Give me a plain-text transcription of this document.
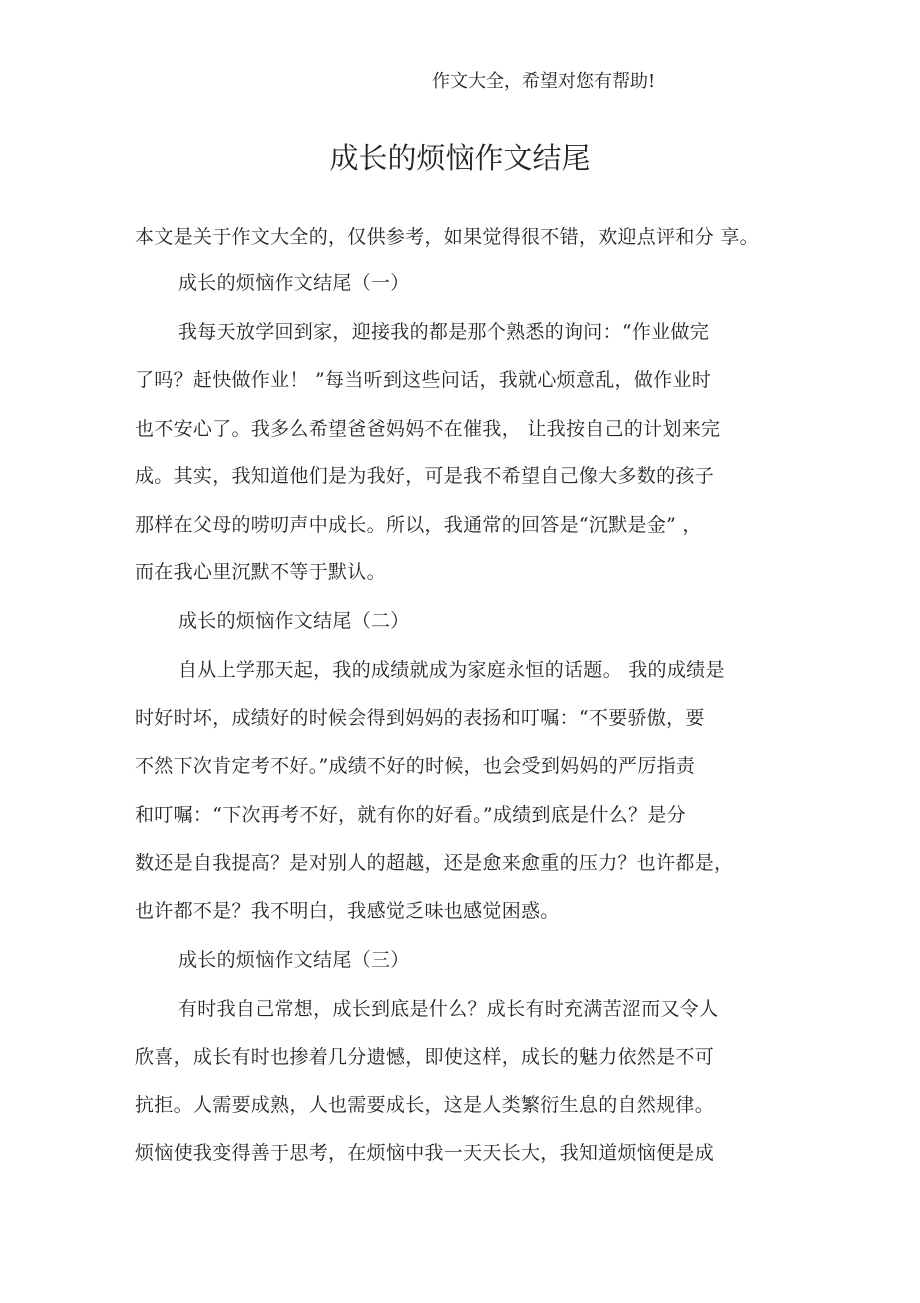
作文大全，希望对您有帮助!
成长的烦恼作文结尾
本文是关于作文大全的，仅供参考，如果觉得很不错，欢迎点评和分 享。
成长的烦恼作文结尾（一）
我每天放学回到家，迎接我的都是那个熟悉的询问：“作业做完
了吗？赶快做作业！ ”每当听到这些问话，我就心烦意乱，做作业时
也不安心了。我多么希望爸爸妈妈不在催我， 让我按自己的计划来完
成。其实，我知道他们是为我好，可是我不希望自己像大多数的孩子
那样在父母的唠叨声中成长。所以，我通常的回答是“沉默是金” ，
而在我心里沉默不等于默认。
成长的烦恼作文结尾（二）
自从上学那天起，我的成绩就成为家庭永恒的话题。 我的成绩是
时好时坏，成绩好的时候会得到妈妈的表扬和叮嘱：“不要骄傲，要
不然下次肯定考不好。”成绩不好的时候，也会受到妈妈的严厉指责
和叮嘱：“下次再考不好，就有你的好看。”成绩到底是什么？是分
数还是自我提高？是对别人的超越，还是愈来愈重的压力？也许都是，
也许都不是？我不明白，我感觉乏味也感觉困惑。
成长的烦恼作文结尾（三）
有时我自己常想，成长到底是什么？成长有时充满苦涩而又令人
欣喜，成长有时也掺着几分遗憾，即使这样，成长的魅力依然是不可
抗拒。人需要成熟，人也需要成长，这是人类繁衍生息的自然规律。
烦恼使我变得善于思考，在烦恼中我一天天长大，我知道烦恼便是成
